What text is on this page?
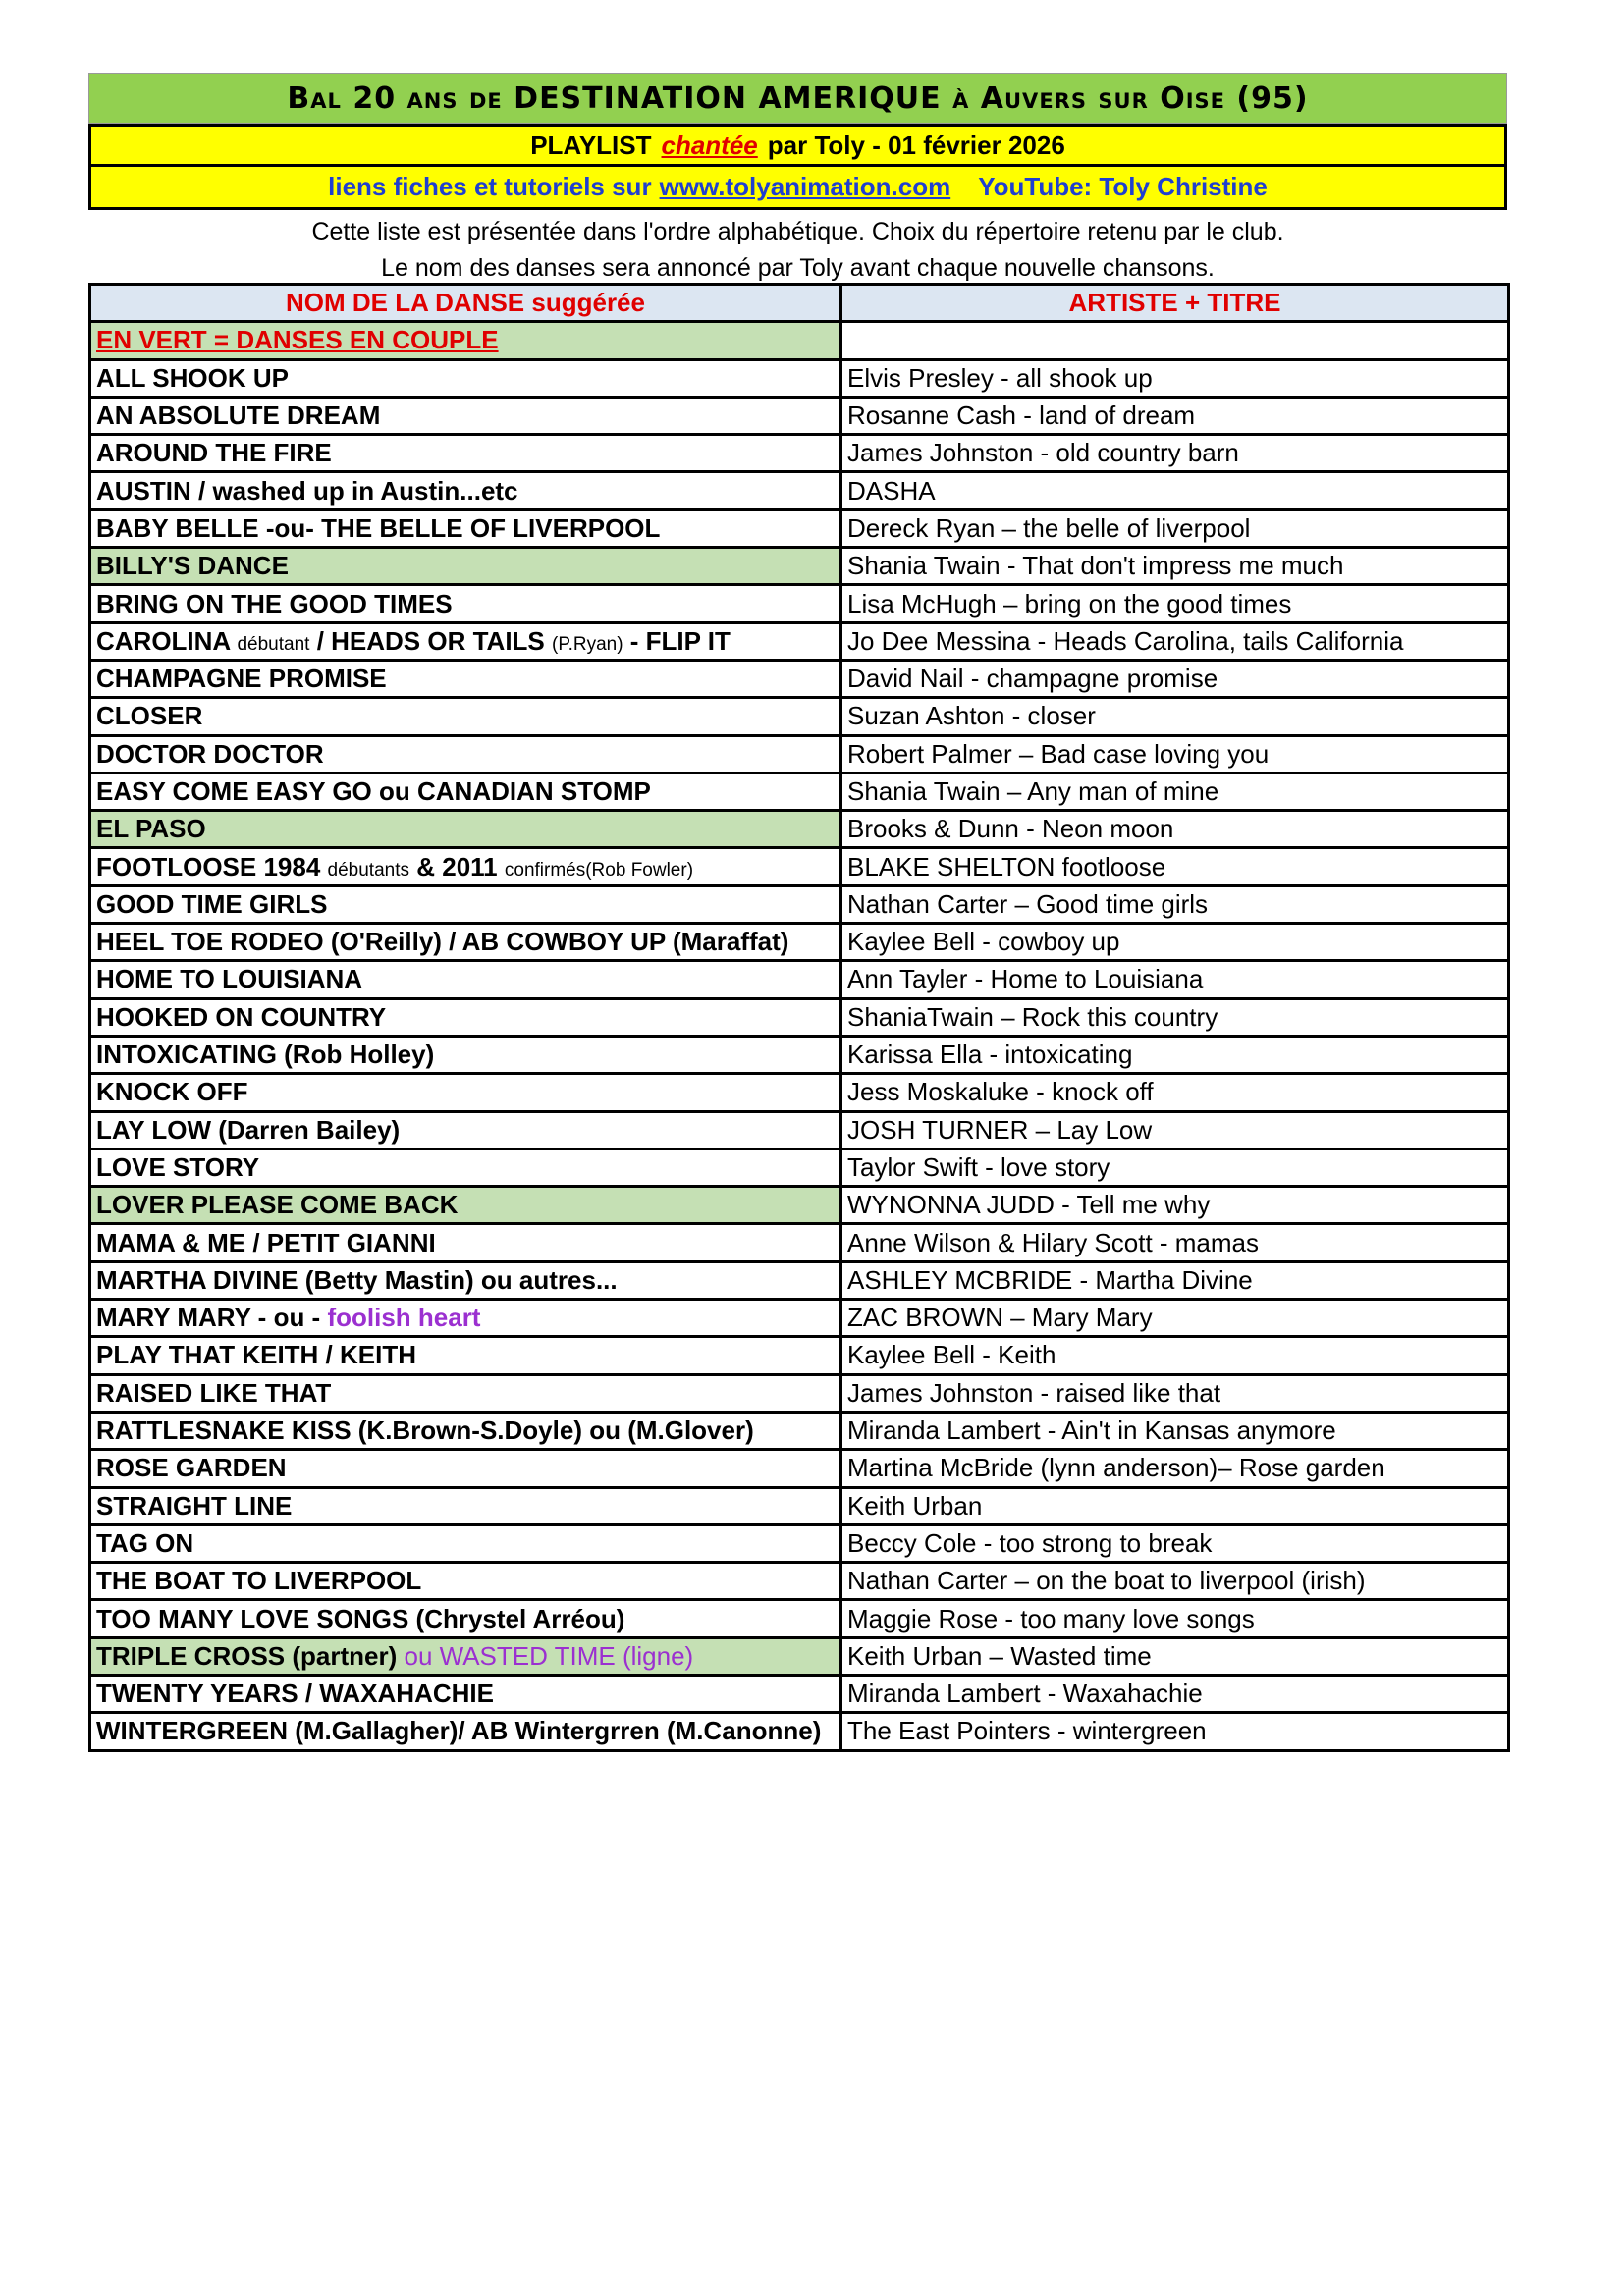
Bal 20 ans de DESTINATION AMERIQUE à Auvers sur Oise (95)
PLAYLIST chantée par Toly - 01 février 2026
liens fiches et tutoriels sur www.tolyanimation.com YouTube: Toly Christine
Cette liste est présentée dans l'ordre alphabétique. Choix du répertoire retenu par le club.
Le nom des danses sera annoncé par Toly avant chaque nouvelle chansons.
NOM DE LA DANSE suggérée	ARTISTE + TITRE
EN VERT = DANSES EN COUPLE	
ALL SHOOK UP	Elvis Presley - all shook up
AN ABSOLUTE DREAM	Rosanne Cash - land of dream
AROUND THE FIRE	James Johnston - old country barn
AUSTIN / washed up in Austin...etc	DASHA
BABY BELLE -ou- THE BELLE OF LIVERPOOL	Dereck Ryan – the belle of liverpool
BILLY'S DANCE	Shania Twain - That don't impress me much
BRING ON THE GOOD TIMES	Lisa McHugh – bring on the good times
CAROLINA débutant / HEADS OR TAILS (P.Ryan) - FLIP IT	Jo Dee Messina - Heads Carolina, tails California
CHAMPAGNE PROMISE	David Nail - champagne promise
CLOSER	Suzan Ashton - closer
DOCTOR DOCTOR	Robert Palmer – Bad case loving you
EASY COME EASY GO ou CANADIAN STOMP	Shania Twain – Any man of mine
EL PASO	Brooks & Dunn - Neon moon
FOOTLOOSE 1984 débutants & 2011 confirmés(Rob Fowler)	BLAKE SHELTON footloose
GOOD TIME GIRLS	Nathan Carter – Good time girls
HEEL TOE RODEO (O'Reilly) / AB COWBOY UP (Maraffat)	Kaylee Bell - cowboy up
HOME TO LOUISIANA	Ann Tayler - Home to Louisiana
HOOKED ON COUNTRY	ShaniaTwain – Rock this country
INTOXICATING (Rob Holley)	Karissa Ella - intoxicating
KNOCK OFF	Jess Moskaluke - knock off
LAY LOW (Darren Bailey)	JOSH TURNER – Lay Low
LOVE STORY	Taylor Swift - love story
LOVER PLEASE COME BACK	WYNONNA JUDD - Tell me why
MAMA & ME / PETIT GIANNI	Anne Wilson & Hilary Scott - mamas
MARTHA DIVINE (Betty Mastin) ou autres...	ASHLEY MCBRIDE - Martha Divine
MARY MARY - ou - foolish heart	ZAC BROWN – Mary Mary
PLAY THAT KEITH / KEITH	Kaylee Bell - Keith
RAISED LIKE THAT	James Johnston - raised like that
RATTLESNAKE KISS (K.Brown-S.Doyle) ou (M.Glover)	Miranda Lambert - Ain't in Kansas anymore
ROSE GARDEN	Martina McBride (lynn anderson)– Rose garden
STRAIGHT LINE	Keith Urban
TAG ON	Beccy Cole - too strong to break
THE BOAT TO LIVERPOOL	Nathan Carter – on the boat to liverpool (irish)
TOO MANY LOVE SONGS (Chrystel Arréou)	Maggie Rose - too many love songs
TRIPLE CROSS (partner) ou WASTED TIME (ligne)	Keith Urban – Wasted time
TWENTY YEARS / WAXAHACHIE	Miranda Lambert - Waxahachie
WINTERGREEN (M.Gallagher)/ AB Wintergrren (M.Canonne)	The East Pointers - wintergreen
